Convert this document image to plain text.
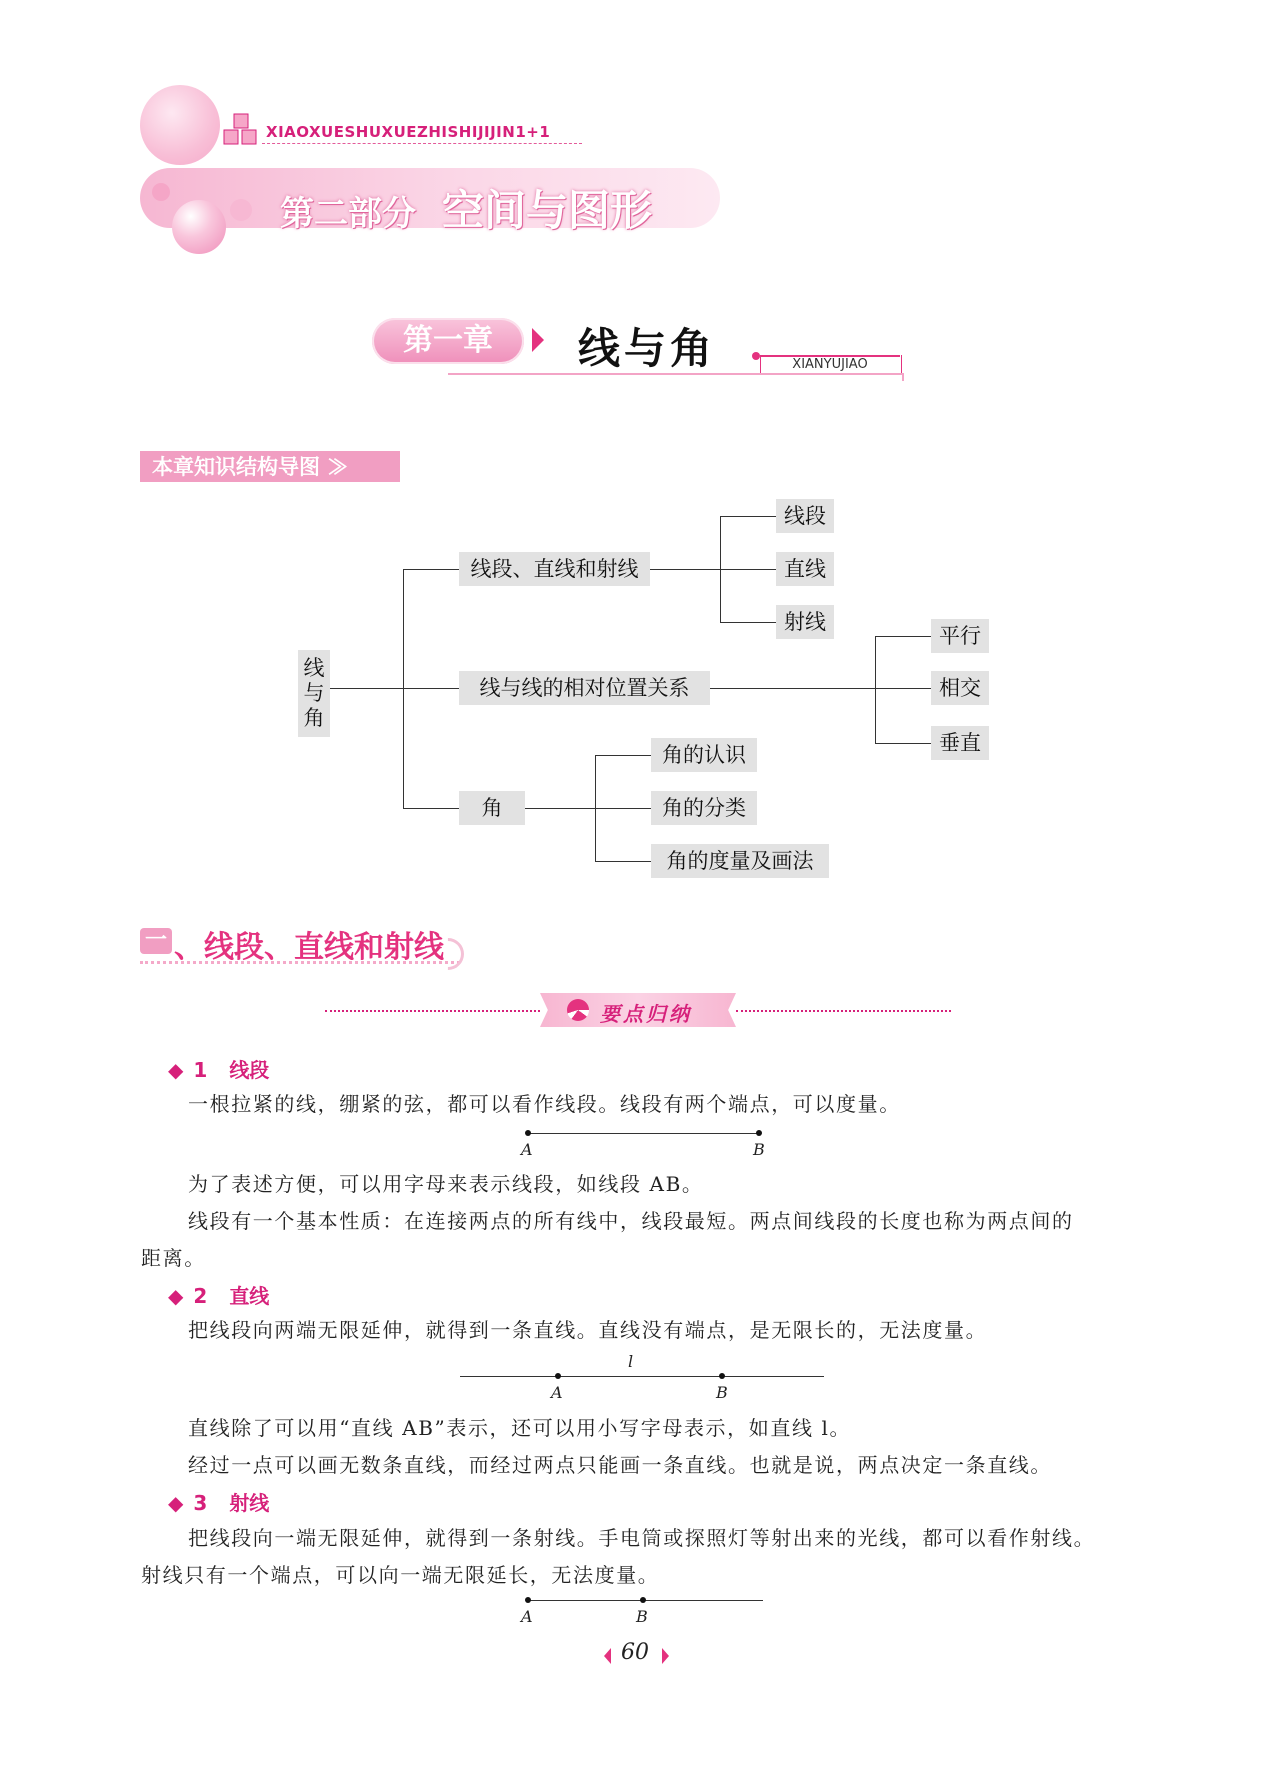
XIAOXUESHUXUEZHISHIJIJIN1+1
第二部分 空间与图形
第一章	线与角	XIANYUJIAO
本章知识结构导图 ≫
线
与
角
线段、直线和射线
线段
直线
射线
线与线的相对位置关系
平行
相交
垂直
角
角的认识
角的分类
角的度量及画法
一 、线段、直线和射线
要点归纳
◆ 1 线段
一根拉紧的线，绷紧的弦，都可以看作线段。线段有两个端点，可以度量。
A	B
为了表述方便，可以用字母来表示线段，如线段 AB。
线段有一个基本性质：在连接两点的所有线中，线段最短。两点间线段的长度也称为两点间的
距离。
◆ 2 直线
把线段向两端无限延伸，就得到一条直线。直线没有端点，是无限长的，无法度量。
l
A	B
直线除了可以用“直线 AB”表示，还可以用小写字母表示，如直线 l。
经过一点可以画无数条直线，而经过两点只能画一条直线。也就是说，两点决定一条直线。
◆ 3 射线
把线段向一端无限延伸，就得到一条射线。手电筒或探照灯等射出来的光线，都可以看作射线。
射线只有一个端点，可以向一端无限延长，无法度量。
A	B
60
